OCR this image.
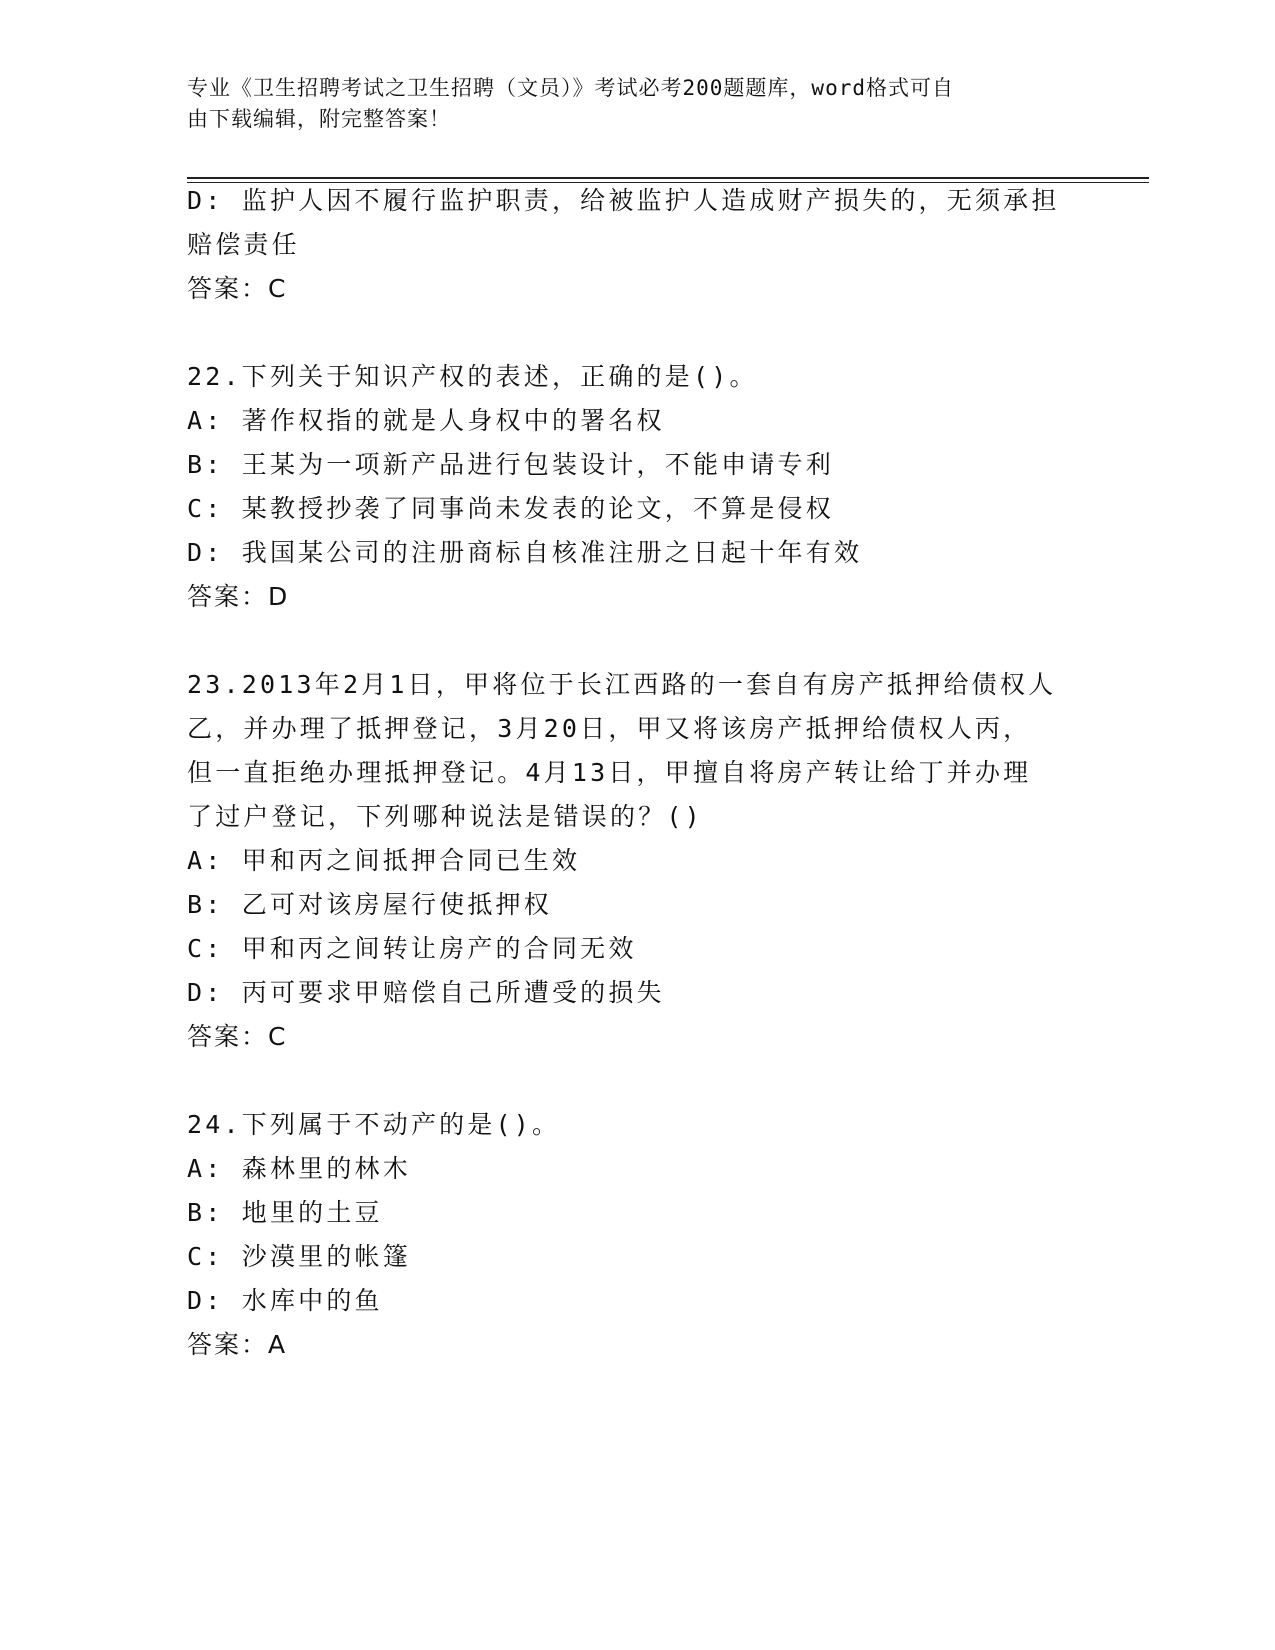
专业《卫生招聘考试之卫生招聘（文员）》考试必考200题题库，word格式可自
由下载编辑，附完整答案！
D: 监护人因不履行监护职责，给被监护人造成财产损失的，无须承担
赔偿责任
答案：C
22.下列关于知识产权的表述，正确的是()。
A: 著作权指的就是人身权中的署名权
B: 王某为一项新产品进行包装设计，不能申请专利
C: 某教授抄袭了同事尚未发表的论文，不算是侵权
D: 我国某公司的注册商标自核准注册之日起十年有效
答案：D
23.2013年2月1日，甲将位于长江西路的一套自有房产抵押给债权人
乙，并办理了抵押登记，3月20日，甲又将该房产抵押给债权人丙，
但一直拒绝办理抵押登记。4月13日，甲擅自将房产转让给丁并办理
了过户登记，下列哪种说法是错误的？()
A: 甲和丙之间抵押合同已生效
B: 乙可对该房屋行使抵押权
C: 甲和丙之间转让房产的合同无效
D: 丙可要求甲赔偿自己所遭受的损失
答案：C
24.下列属于不动产的是()。
A: 森林里的林木
B: 地里的土豆
C: 沙漠里的帐篷
D: 水库中的鱼
答案：A
